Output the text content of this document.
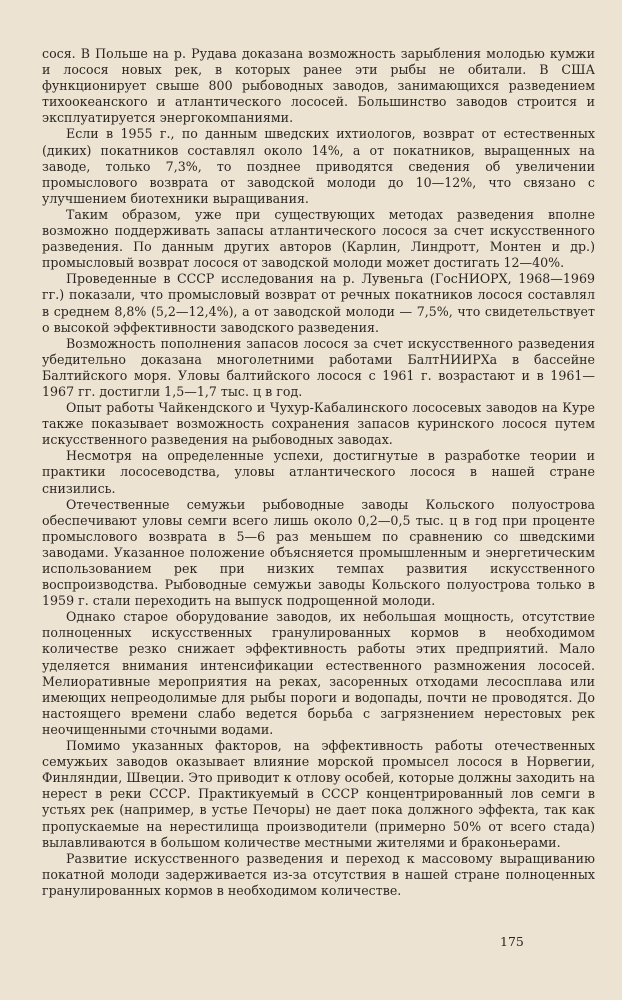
сося. В Польше на р. Рудава доказана возможность зарыбления молодью кумжи и лосося новых рек, в которых ранее эти рыбы не обитали. В США функционирует свыше 800 рыбоводных заводов, занимающихся разведением тихоокеанского и атлантического лососей. Большинство заводов строится и эксплуатируется энергокомпаниями.

Если в 1955 г., по данным шведских ихтиологов, возврат от естественных (диких) покатников составлял около 14%, а от покатников, выращенных на заводе, только 7,3%, то позднее приводятся сведения об увеличении промыслового возврата от заводской молоди до 10—12%, что связано с улучшением биотехники выращивания.

Таким образом, уже при существующих методах разведения вполне возможно поддерживать запасы атлантического лосося за счет искусственного разведения. По данным других авторов (Карлин, Линдротт, Монтен и др.) промысловый возврат лосося от заводской молоди может достигать 12—40%.

Проведенные в СССР исследования на р. Лувеньга (ГосНИОРХ, 1968—1969 гг.) показали, что промысловый возврат от речных покатников лосося составлял в среднем 8,8% (5,2—12,4%), а от заводской молоди — 7,5%, что свидетельствует о высокой эффективности заводского разведения.

Возможность пополнения запасов лосося за счет искусственного разведения убедительно доказана многолетними работами БалтНИИРХа в бассейне Балтийского моря. Уловы балтийского лосося с 1961 г. возрастают и в 1961—1967 гг. достигли 1,5—1,7 тыс. ц в год.

Опыт работы Чайкендского и Чухур-Кабалинского лососевых заводов на Куре также показывает возможность сохранения запасов куринского лосося путем искусственного разведения на рыбоводных заводах.

Несмотря на определенные успехи, достигнутые в разработке теории и практики лососеводства, уловы атлантического лосося в нашей стране снизились.

Отечественные семужьи рыбоводные заводы Кольского полуострова обеспечивают уловы семги всего лишь около 0,2—0,5 тыс. ц в год при проценте промыслового возврата в 5—6 раз меньшем по сравнению со шведскими заводами. Указанное положение объясняется промышленным и энергетическим использованием рек при низких темпах развития искусственного воспроизводства. Рыбоводные семужьи заводы Кольского полуострова только в 1959 г. стали переходить на выпуск подрощенной молоди.

Однако старое оборудование заводов, их небольшая мощность, отсутствие полноценных искусственных гранулированных кормов в необходимом количестве резко снижает эффективность работы этих предприятий. Мало уделяется внимания интенсификации естественного размножения лососей. Мелиоративные мероприятия на реках, засоренных отходами лесосплава или имеющих непреодолимые для рыбы пороги и водопады, почти не проводятся. До настоящего времени слабо ведется борьба с загрязнением нерестовых рек неочищенными сточными водами.

Помимо указанных факторов, на эффективность работы отечественных семужьих заводов оказывает влияние морской промысел лосося в Норвегии, Финляндии, Швеции. Это приводит к отлову особей, которые должны заходить на нерест в реки СССР. Практикуемый в СССР концентрированный лов семги в устьях рек (например, в устье Печоры) не дает пока должного эффекта, так как пропускаемые на нерестилища производители (примерно 50% от всего стада) вылавливаются в большом количестве местными жителями и браконьерами.

Развитие искусственного разведения и переход к массовому выращиванию покатной молоди задерживается из-за отсутствия в нашей стране полноценных гранулированных кормов в необходимом количестве.

175
